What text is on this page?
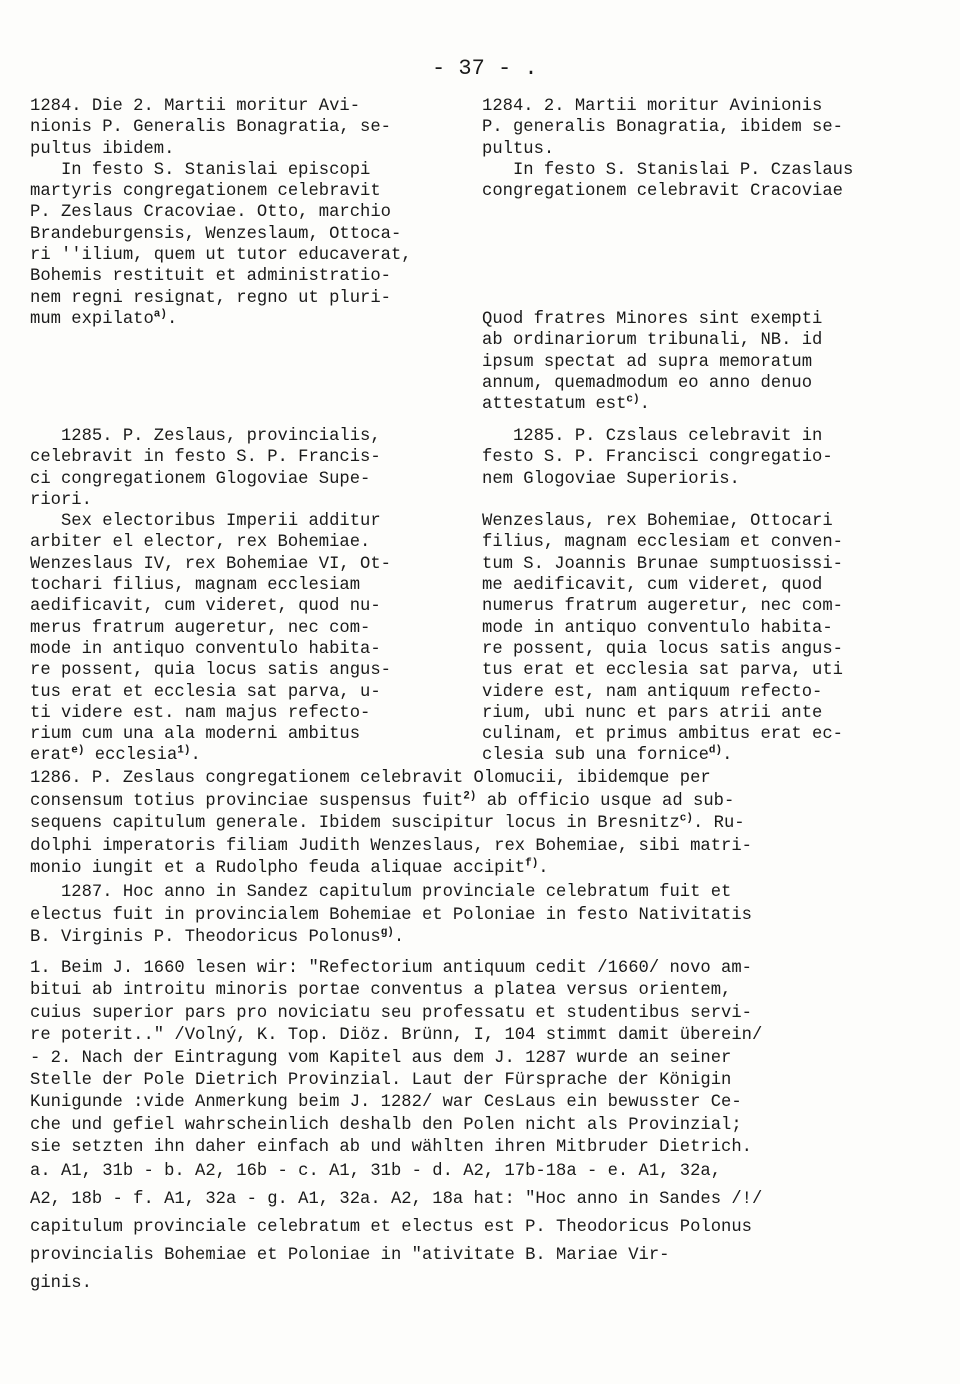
- 37 - .
1284. Die 2. Martii moritur Avi-
nionis P. Generalis Bonagratia, se-
pultus ibidem.
In festo S. Stanislai episcopi
martyris congregationem celebravit
P. Zeslaus Cracoviae. Otto, marchio
Brandeburgensis, Wenzeslaum, Ottoca-
ri ''ilium, quem ut tutor educaverat,
Bohemis restituit et administratio-
nem regni resignat, regno ut pluri-
mum expilato$^{a)}$.
1285. P. Zeslaus, provincialis,
celebravit in festo S. P. Francis-
ci congregationem Glogoviae Supe-
riori.
Sex electoribus Imperii additur
arbiter el elector, rex Bohemiae.
Wenzeslaus IV, rex Bohemiae VI, Ot-
tochari filius, magnam ecclesiam
aedificavit, cum videret, quod nu-
merus fratrum augeretur, nec com-
mode in antiquo conventulo habita-
re possent, quia locus satis angus-
tus erat et ecclesia sat parva, u-
ti videre est. nam majus refecto-
rium cum una ala moderni ambitus
erat$^{e)}$ ecclesia$^{1)}$.
1284. 2. Martii moritur Avinionis
P. generalis Bonagratia, ibidem se-
pultus.
In festo S. Stanislai P. Czaslaus
congregationem celebravit Cracoviae
Quod fratres Minores sint exempti
ab ordinariorum tribunali, NB. id
ipsum spectat ad supra memoratum
annum, quemadmodum eo anno denuo
attestatum est$^{c)}$.
1285. P. Czslaus celebravit in
festo S. P. Francisci congregatio-
nem Glogoviae Superioris.

Wenzeslaus, rex Bohemiae, Ottocari
filius, magnam ecclesiam et conven-
tum S. Joannis Brunae sumptuosissi-
me aedificavit, cum videret, quod
numerus fratrum augeretur, nec com-
mode in antiquo conventulo habita-
re possent, quia locus satis angus-
tus erat et ecclesia sat parva, uti
videre est, nam antiquum refecto-
rium, ubi nunc et pars atrii ante
culinam, et primus ambitus erat ec-
clesia sub una fornice$^{d)}$.
1286. P. Zeslaus congregationem celebravit Olomucii, ibidemque per
consensum totius provinciae suspensus fuit$^{2)}$ ab officio usque ad sub-
sequens capitulum generale. Ibidem suscipitur locus in Bresnitz$^{c)}$. Ru-
dolphi imperatoris filiam Judith Wenzeslaus, rex Bohemiae, sibi matri-
monio iungit et a Rudolpho feuda aliquae accipit$^{f)}$.
1287. Hoc anno in Sandez capitulum provinciale celebratum fuit et
electus fuit in provincialem Bohemiae et Poloniae in festo Nativitatis
B. Virginis P. Theodoricus Polonus$^{g)}$.
1. Beim J. 1660 lesen wir: "Refectorium antiquum cedit /1660/ novo am-
bitui ab introitu minoris portae conventus a platea versus orientem,
cuius superior pars pro noviciatu seu professatu et studentibus servi-
re poterit.." /Volný, K. Top. Diöz. Brünn, I, 104 stimmt damit überein/
- 2. Nach der Eintragung vom Kapitel aus dem J. 1287 wurde an seiner
Stelle der Pole Dietrich Provinzial. Laut der Fürsprache der Königin
Kunigunde :vide Anmerkung beim J. 1282/ war CesLaus ein bewusster Ce-
che und gefiel wahrscheinlich deshalb den Polen nicht als Provinzial;
sie setzten ihn daher einfach ab und wählten ihren Mitbruder Dietrich.
a. A1, 31b - b. A2, 16b - c. A1, 31b - d. A2, 17b-18a - e. A1, 32a,
A2, 18b - f. A1, 32a - g. A1, 32a. A2, 18a hat: "Hoc anno in Sandes /!/
capitulum provinciale celebratum et electus est P. Theodoricus Polonus
provincialis Bohemiae et Poloniae in "ativitate B. Mariae Vir-
ginis.
